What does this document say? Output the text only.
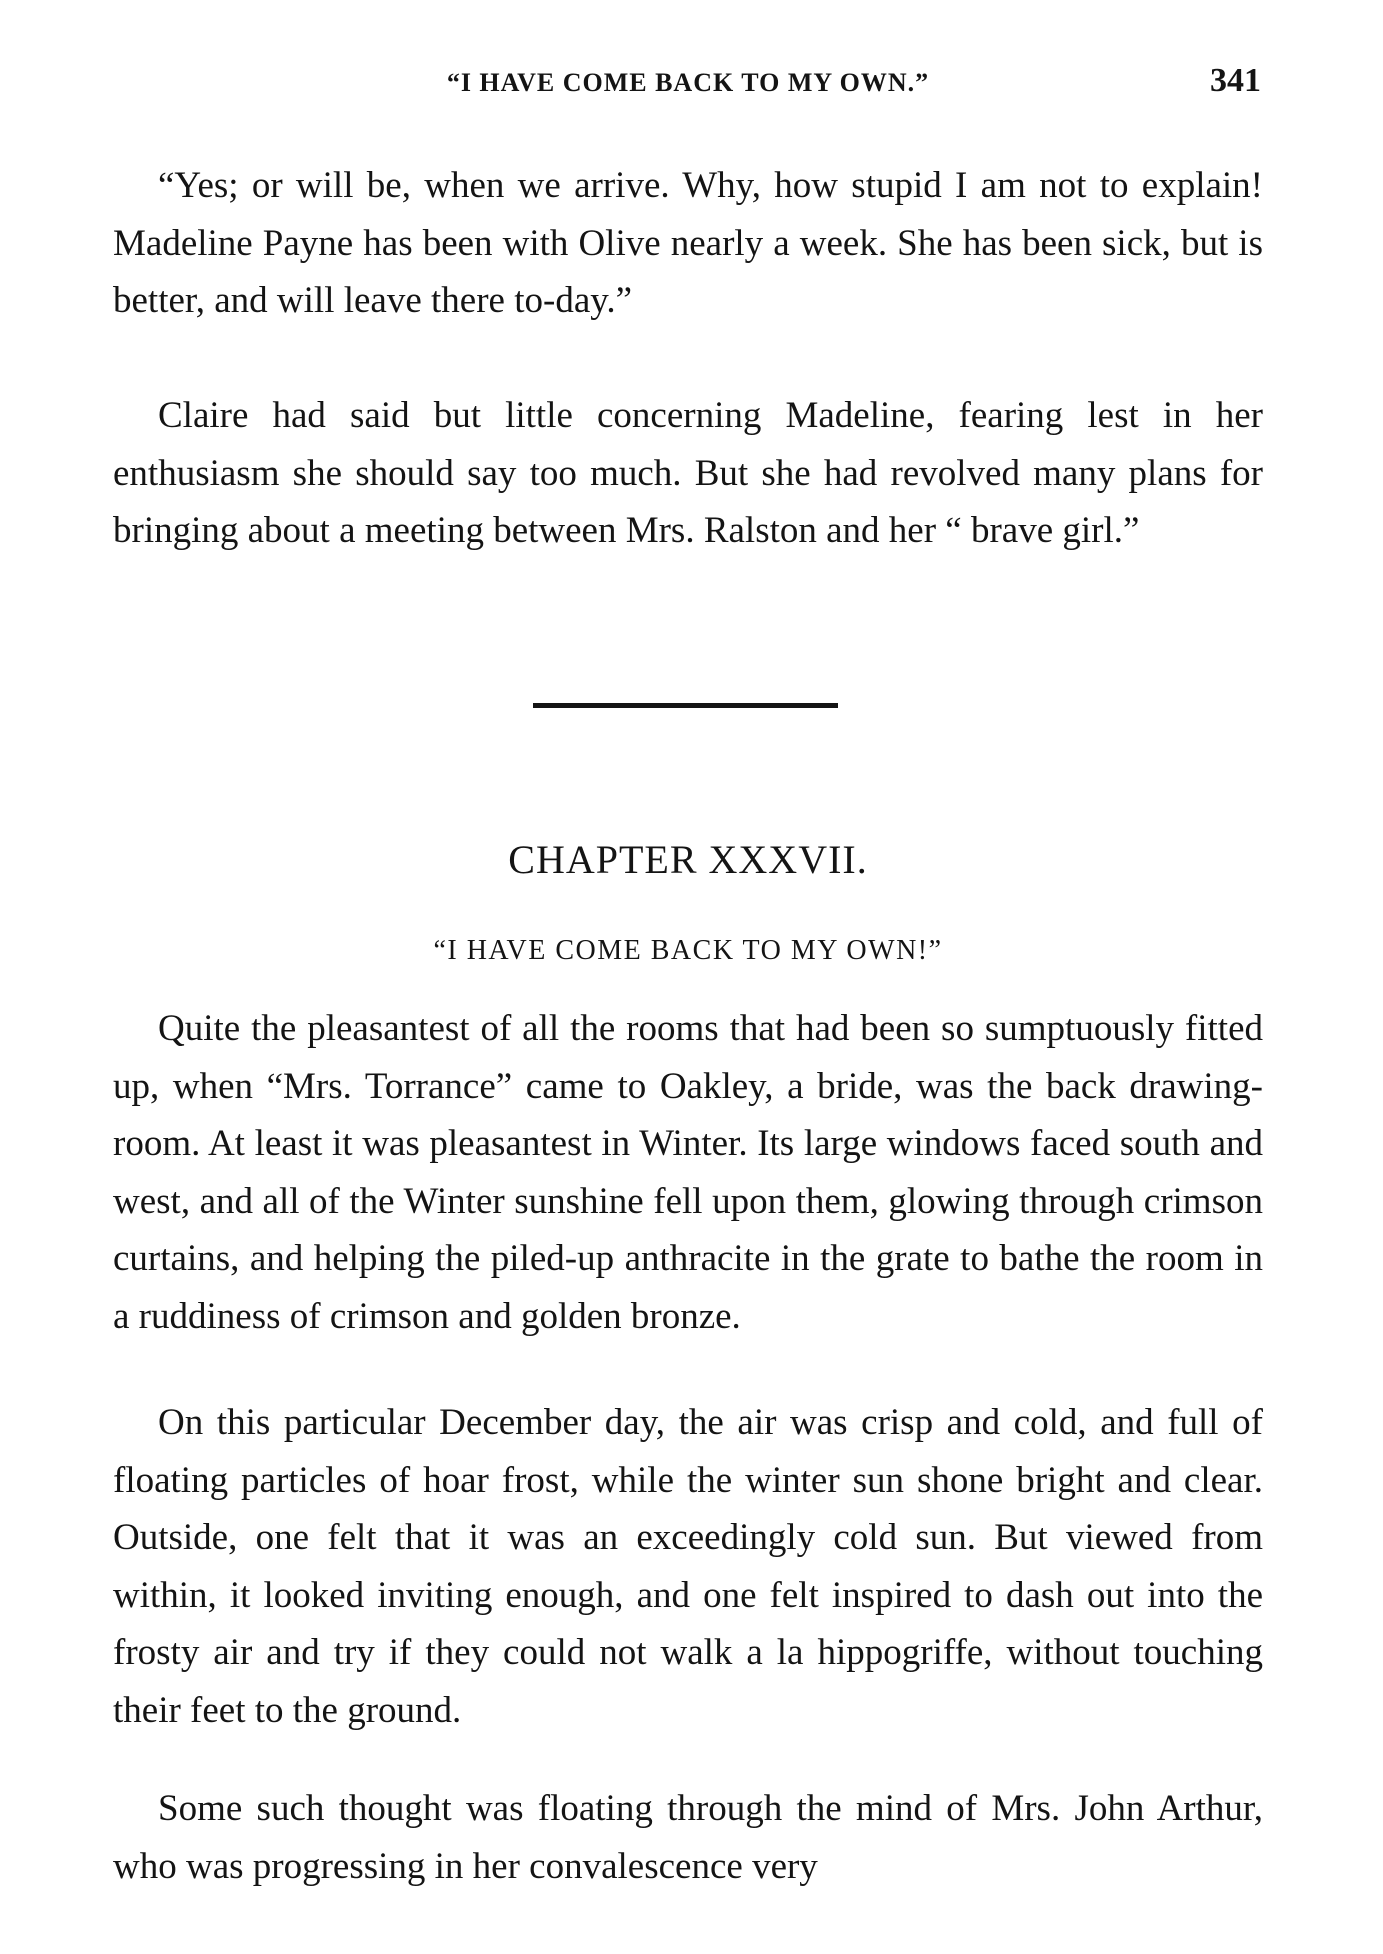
“I HAVE COME BACK TO MY OWN.”	341

“Yes; or will be, when we arrive. Why, how stupid I am not to explain! Madeline Payne has been with Olive nearly a week. She has been sick, but is better, and will leave there to-day.”

Claire had said but little concerning Madeline, fearing lest in her enthusiasm she should say too much. But she had revolved many plans for bringing about a meeting between Mrs. Ralston and her “ brave girl.”

CHAPTER XXXVII.
“I HAVE COME BACK TO MY OWN!”

Quite the pleasantest of all the rooms that had been so sumptuously fitted up, when “Mrs. Torrance” came to Oakley, a bride, was the back drawing-room. At least it was pleasantest in Winter. Its large windows faced south and west, and all of the Winter sunshine fell upon them, glowing through crimson curtains, and helping the piled-up anthracite in the grate to bathe the room in a ruddiness of crimson and golden bronze.

On this particular December day, the air was crisp and cold, and full of floating particles of hoar frost, while the winter sun shone bright and clear. Outside, one felt that it was an exceedingly cold sun. But viewed from within, it looked inviting enough, and one felt inspired to dash out into the frosty air and try if they could not walk a la hippogriffe, without touching their feet to the ground.

Some such thought was floating through the mind of Mrs. John Arthur, who was progressing in her convalescence very
